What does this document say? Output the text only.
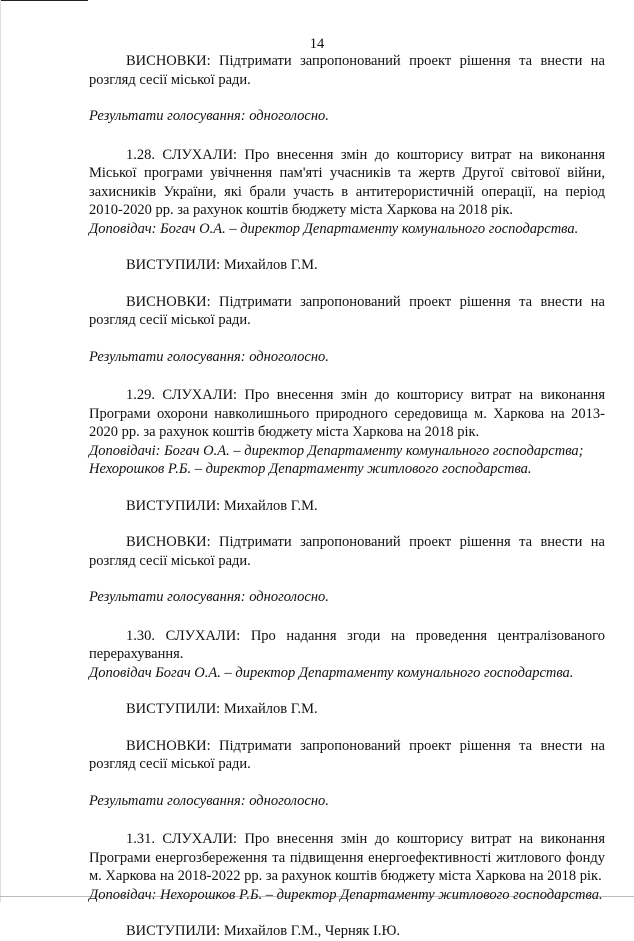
14

ВИСНОВКИ: Підтримати запропонований проект рішення та внести на розгляд сесії міської ради.

Результати голосування: одноголосно.

1.28. СЛУХАЛИ: Про внесення змін до кошторису витрат на виконання Міської програми увічнення пам'яті учасників та жертв Другої світової війни, захисників України, які брали участь в антитерористичній операції, на період 2010-2020 рр. за рахунок коштів бюджету міста Харкова на 2018 рік.

Доповідач: Богач О.А. – директор Департаменту комунального господарства.

ВИСТУПИЛИ: Михайлов Г.М.

ВИСНОВКИ: Підтримати запропонований проект рішення та внести на розгляд сесії міської ради.

Результати голосування: одноголосно.

1.29. СЛУХАЛИ: Про внесення змін до кошторису витрат на виконання Програми охорони навколишнього природного середовища м. Харкова на 2013-2020 рр. за рахунок коштів бюджету міста Харкова на 2018 рік.

Доповідачі: Богач О.А. – директор Департаменту комунального господарства;
Нехорошков Р.Б. – директор Департаменту житлового господарства.

ВИСТУПИЛИ: Михайлов Г.М.

ВИСНОВКИ: Підтримати запропонований проект рішення та внести на розгляд сесії міської ради.

Результати голосування: одноголосно.

1.30. СЛУХАЛИ: Про надання згоди на проведення централізованого перерахування.

Доповідач Богач О.А. – директор Департаменту комунального господарства.

ВИСТУПИЛИ: Михайлов Г.М.

ВИСНОВКИ: Підтримати запропонований проект рішення та внести на розгляд сесії міської ради.

Результати голосування: одноголосно.

1.31. СЛУХАЛИ: Про внесення змін до кошторису витрат на виконання Програми енергозбереження та підвищення енергоефективності житлового фонду м. Харкова на 2018-2022 рр. за рахунок коштів бюджету міста Харкова на 2018 рік.

Доповідач: Нехорошков Р.Б. – директор Департаменту житлового господарства.

ВИСТУПИЛИ: Михайлов Г.М., Черняк І.Ю.
